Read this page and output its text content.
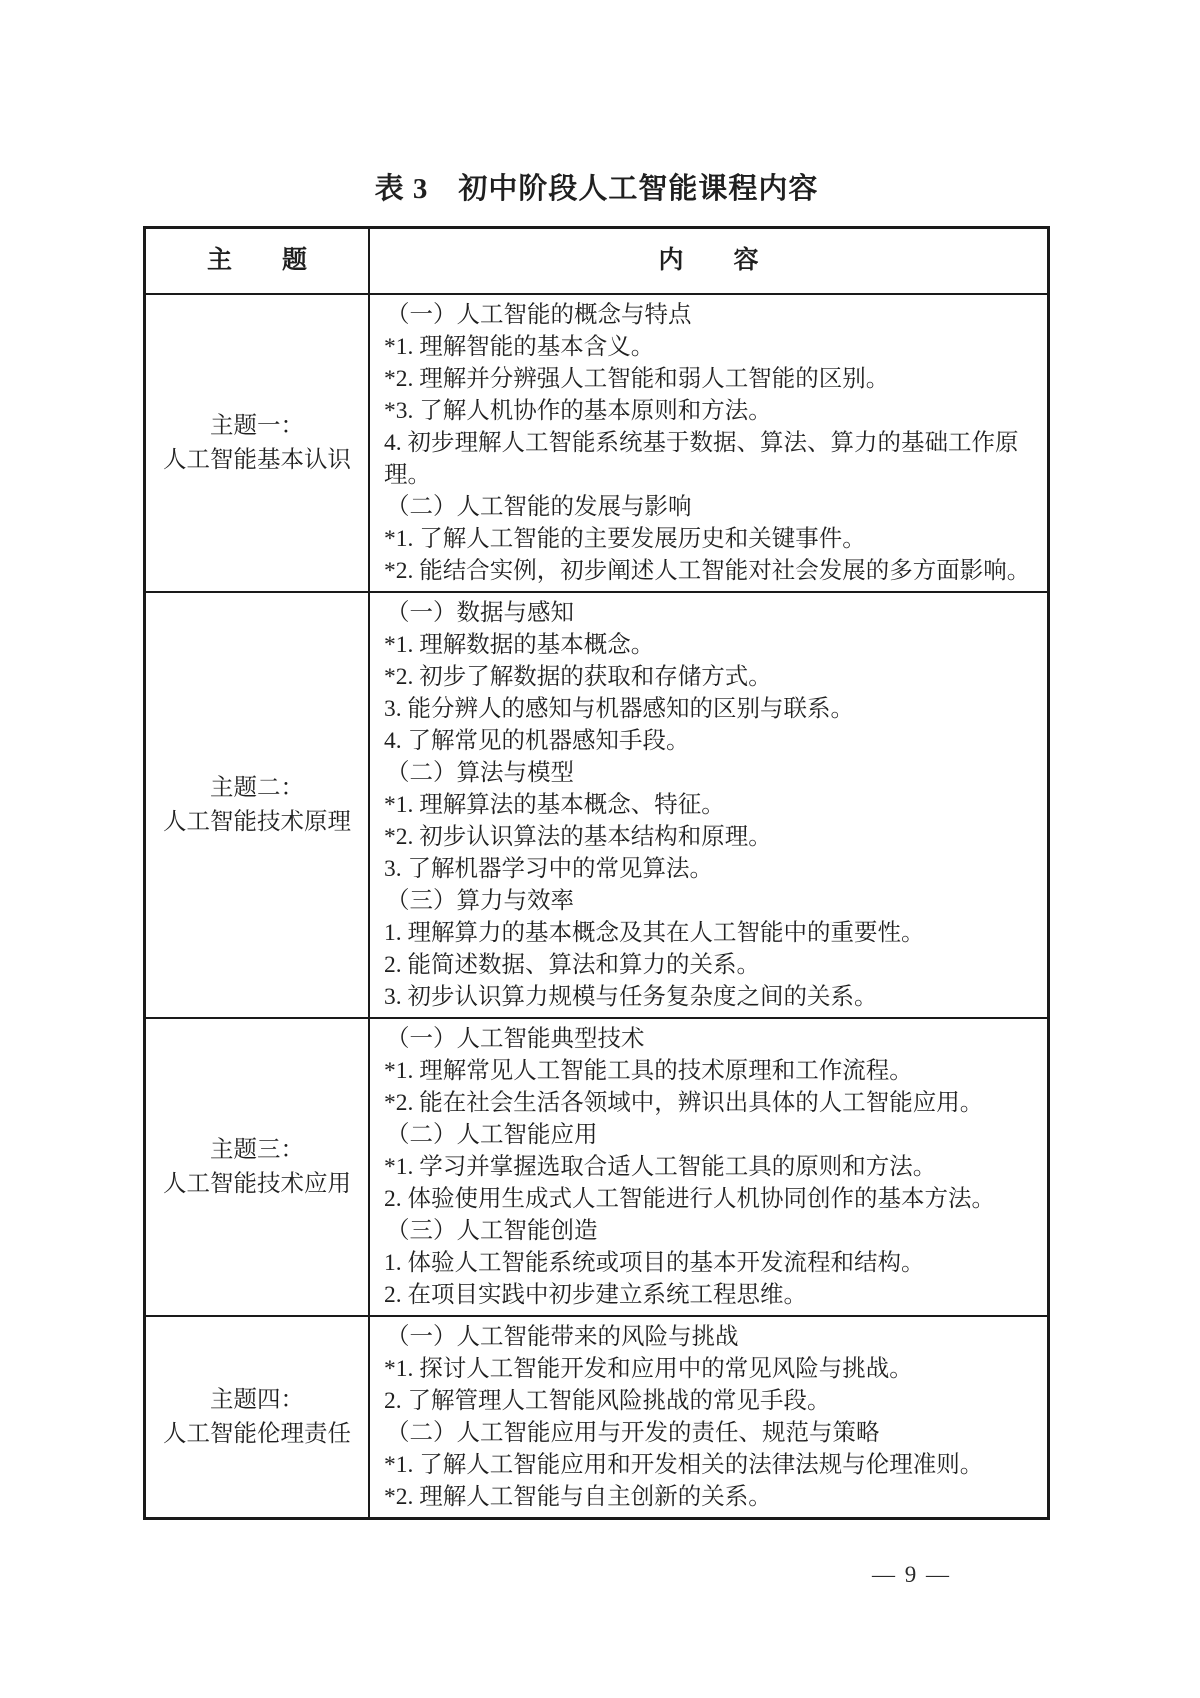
表 3　初中阶段人工智能课程内容
主　　题	内　　容
主题一：
人工智能基本认识

（一）人工智能的概念与特点

*1. 理解智能的基本含义。

*2. 理解并分辨强人工智能和弱人工智能的区别。

*3. 了解人机协作的基本原则和方法。

4. 初步理解人工智能系统基于数据、算法、算力的基础工作原理。

（二）人工智能的发展与影响

*1. 了解人工智能的主要发展历史和关键事件。

*2. 能结合实例，初步阐述人工智能对社会发展的多方面影响。

主题二：
人工智能技术原理

（一）数据与感知

*1. 理解数据的基本概念。

*2. 初步了解数据的获取和存储方式。

3. 能分辨人的感知与机器感知的区别与联系。

4. 了解常见的机器感知手段。

（二）算法与模型

*1. 理解算法的基本概念、特征。

*2. 初步认识算法的基本结构和原理。

3. 了解机器学习中的常见算法。

（三）算力与效率

1. 理解算力的基本概念及其在人工智能中的重要性。

2. 能简述数据、算法和算力的关系。

3. 初步认识算力规模与任务复杂度之间的关系。

主题三：
人工智能技术应用

（一）人工智能典型技术

*1. 理解常见人工智能工具的技术原理和工作流程。

*2. 能在社会生活各领域中，辨识出具体的人工智能应用。

（二）人工智能应用

*1. 学习并掌握选取合适人工智能工具的原则和方法。

2. 体验使用生成式人工智能进行人机协同创作的基本方法。

（三）人工智能创造

1. 体验人工智能系统或项目的基本开发流程和结构。

2. 在项目实践中初步建立系统工程思维。

主题四：
人工智能伦理责任

（一）人工智能带来的风险与挑战

*1. 探讨人工智能开发和应用中的常见风险与挑战。

2. 了解管理人工智能风险挑战的常见手段。

（二）人工智能应用与开发的责任、规范与策略

*1. 了解人工智能应用和开发相关的法律法规与伦理准则。

*2. 理解人工智能与自主创新的关系。

— 9 —
